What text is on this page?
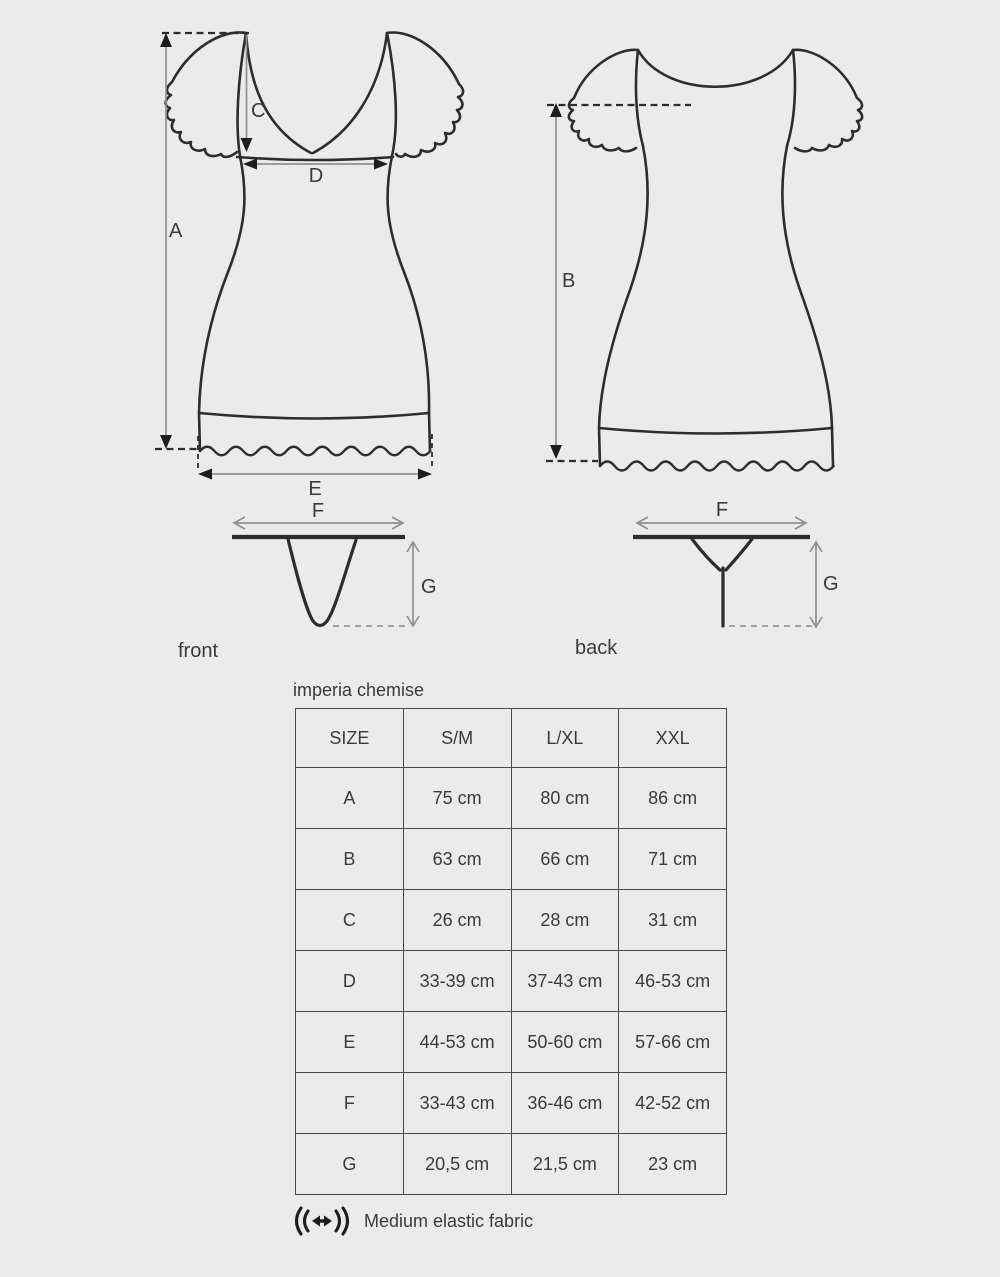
A
C
D
E
F
G
front
B
F
G
back
imperia chemise
SIZE	S/M	L/XL	XXL
A	75 cm	80 cm	86 cm
B	63 cm	66 cm	71 cm
C	26 cm	28 cm	31 cm
D	33-39 cm	37-43 cm	46-53 cm
E	44-53 cm	50-60 cm	57-66 cm
F	33-43 cm	36-46 cm	42-52 cm
G	20,5 cm	21,5 cm	23 cm
Medium elastic fabric
